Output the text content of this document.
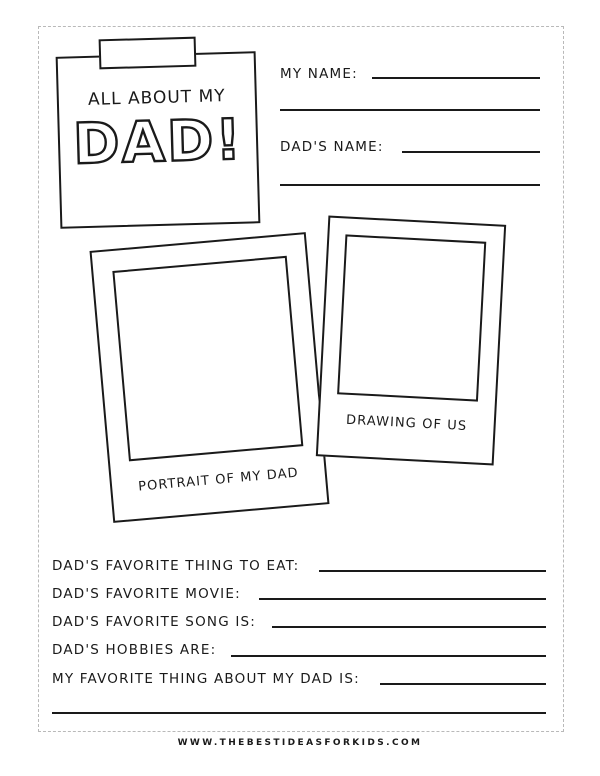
ALL ABOUT MY
DAD!
MY NAME:
DAD'S NAME:
PORTRAIT OF MY DAD
DRAWING OF US
DAD'S FAVORITE THING TO EAT:
DAD'S FAVORITE MOVIE:
DAD'S FAVORITE SONG IS:
DAD'S HOBBIES ARE:
MY FAVORITE THING ABOUT MY DAD IS:
WWW.THEBESTIDEASFORKIDS.COM
